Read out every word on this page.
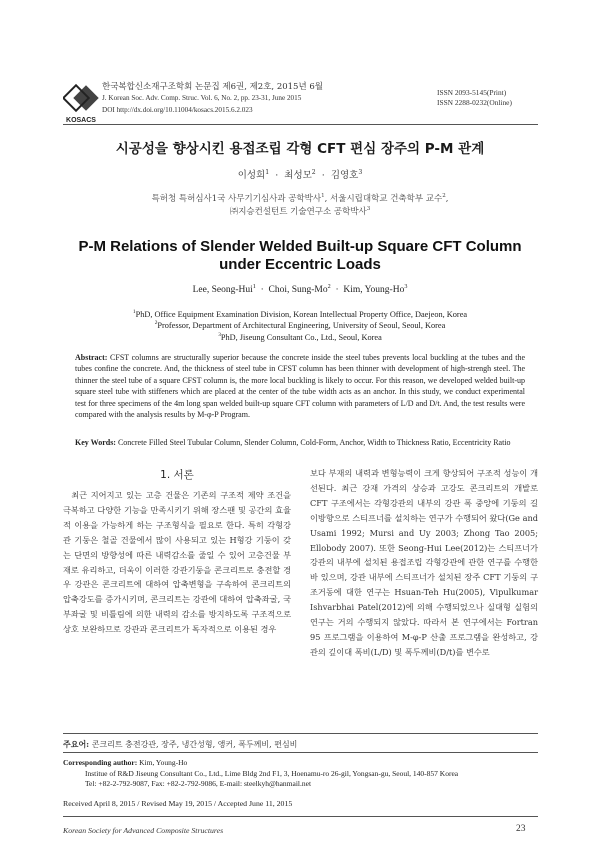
KOSACS
한국복합신소재구조학회 논문집 제6권, 제2호, 2015년 6월
J. Korean Soc. Adv. Comp. Struc. Vol. 6, No. 2, pp. 23-31, June 2015
DOI http://dx.doi.org/10.11004/kosacs.2015.6.2.023
ISSN 2093-5145(Print)
ISSN 2288-0232(Online)
시공성을 향상시킨 용접조립 각형 CFT 편심 장주의 P-M 관계
이성희$^1$  ·  최성모$^2$  ·  김영호$^3$
특허청 특허심사1국 사무기기심사과 공학박사$^1$, 서울시립대학교 건축학부 교수$^2$,
㈜지승컨설턴트 기술연구소 공학박사$^3$
P-M Relations of Slender Welded Built-up Square CFT Column under Eccentric Loads
Lee, Seong-Hui$^1$  ·  Choi, Sung-Mo$^2$  ·  Kim, Young-Ho$^3$
$^1$PhD, Office Equipment Examination Division, Korean Intellectual Property Office, Daejeon, Korea
$^2$Professor, Department of Architectural Engineering, University of Seoul, Seoul, Korea
$^3$PhD, Jiseung Consultant Co., Ltd., Seoul, Korea
Abstract: CFST columns are structurally superior because the concrete inside the steel tubes prevents local buckling at the tubes and the tubes confine the concrete. And, the thickness of steel tube in CFST column has been thinner with development of high-strengh steel. The thinner the steel tube of a square CFST column is, the more local buckling is likely to occur. For this reason, we developed welded built-up square steel tube with stiffeners which are placed at the center of the tube width acts as an anchor. In this study, we conduct experimental test for three specimens of the 4m long span welded built-up square CFT column with parameters of L/D and D/t. And, the test results were compared with the analysis results by M-φ-P Program.
Key Words: Concrete Filled Steel Tubular Column, Slender Column, Cold-Form, Anchor, Width to Thickness Ratio, Eccentricity Ratio
1. 서론
최근 지어지고 있는 고층 건물은 기존의 구조적 제약 조건을 극복하고 다양한 기능을 만족시키기 위해 장스팬 및 공간의 효율적 이용을 가능하게 하는 구조형식을 필요로 한다. 특히 각형강관 기둥은 철골 건물에서 많이 사용되고 있는 H형강 기둥이 갖는 단면의 방향성에 따른 내력감소를 줄일 수 있어 고층건물 부재로 유리하고, 더욱이 이러한 강관기둥을 콘크리트로 충전할 경우 강관은 콘크리트에 대하여 압축변형을 구속하여 콘크리트의 압축강도를 증가시키며, 콘크리트는 강관에 대하여 압축좌굴, 국부좌굴 및 비틀림에 의한 내력의 감소를 방지하도록 구조적으로 상호 보완하므로 강관과 콘크리트가 독자적으로 이용된 경우
보다 부재의 내력과 변형능력이 크게 향상되어 구조적 성능이 개선된다. 최근 강재 가격의 상승과 고강도 콘크리트의 개발로 CFT 구조에서는 각형강관의 내부의 강관 폭 중앙에 기둥의 길이방향으로 스티프너를 설치하는 연구가 수행되어 왔다(Ge and Usami 1992; Mursi and Uy 2003; Zhong Tao 2005; Ellobody 2007). 또한 Seong-Hui Lee(2012)는 스티프너가 강관의 내부에 설치된 용접조립 각형강관에 관한 연구를 수행한 바 있으며, 강관 내부에 스티프너가 설치된 장주 CFT 기둥의 구조거동에 대한 연구는 Hsuan-Teh Hu(2005), Vipulkumar Ishvarbhai Patel(2012)에 의해 수행되었으나 실대형 실험의 연구는 거의 수행되지 않았다. 따라서 본 연구에서는 Fortran 95 프로그램을 이용하여 M-φ-P 산출 프로그램을 완성하고, 강관의 깊이대 폭비(L/D) 및 폭두께비(D/t)를 변수로
주요어: 콘크리트 충전강관, 장주, 냉간성형, 앵커, 폭두께비, 편심비
Corresponding author: Kim, Young-Ho
Institue of R&D Jiseung Consultant Co., Ltd., Lime Bldg 2nd F1, 3, Hoenamu-ro 26-gil, Yongsan-gu, Seoul, 140-857 Korea
Tel: +82-2-792-9087, Fax: +82-2-792-9086, E-mail: steelkyh@hanmail.net
Received April 8, 2015 / Revised May 19, 2015 / Accepted June 11, 2015
Korean Society for Advanced Composite Structures	23
